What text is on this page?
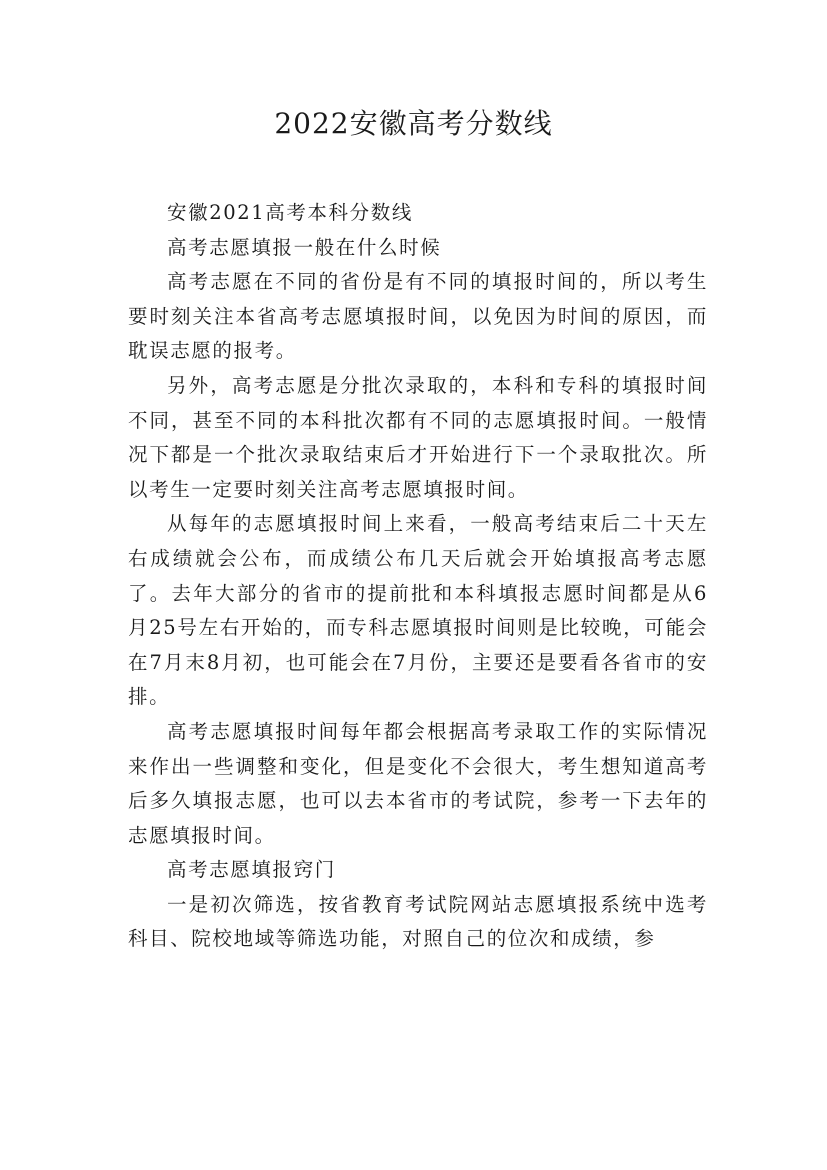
2022安徽高考分数线

安徽2021高考本科分数线

高考志愿填报一般在什么时候

高考志愿在不同的省份是有不同的填报时间的，所以考生要时刻关注本省高考志愿填报时间，以免因为时间的原因，而耽误志愿的报考。

另外，高考志愿是分批次录取的，本科和专科的填报时间不同，甚至不同的本科批次都有不同的志愿填报时间。一般情况下都是一个批次录取结束后才开始进行下一个录取批次。所以考生一定要时刻关注高考志愿填报时间。

从每年的志愿填报时间上来看，一般高考结束后二十天左右成绩就会公布，而成绩公布几天后就会开始填报高考志愿了。去年大部分的省市的提前批和本科填报志愿时间都是从6月25号左右开始的，而专科志愿填报时间则是比较晚，可能会在7月末8月初，也可能会在7月份，主要还是要看各省市的安排。

高考志愿填报时间每年都会根据高考录取工作的实际情况来作出一些调整和变化，但是变化不会很大，考生想知道高考后多久填报志愿，也可以去本省市的考试院，参考一下去年的志愿填报时间。

高考志愿填报窍门

一是初次筛选，按省教育考试院网站志愿填报系统中选考科目、院校地域等筛选功能，对照自己的位次和成绩，参
